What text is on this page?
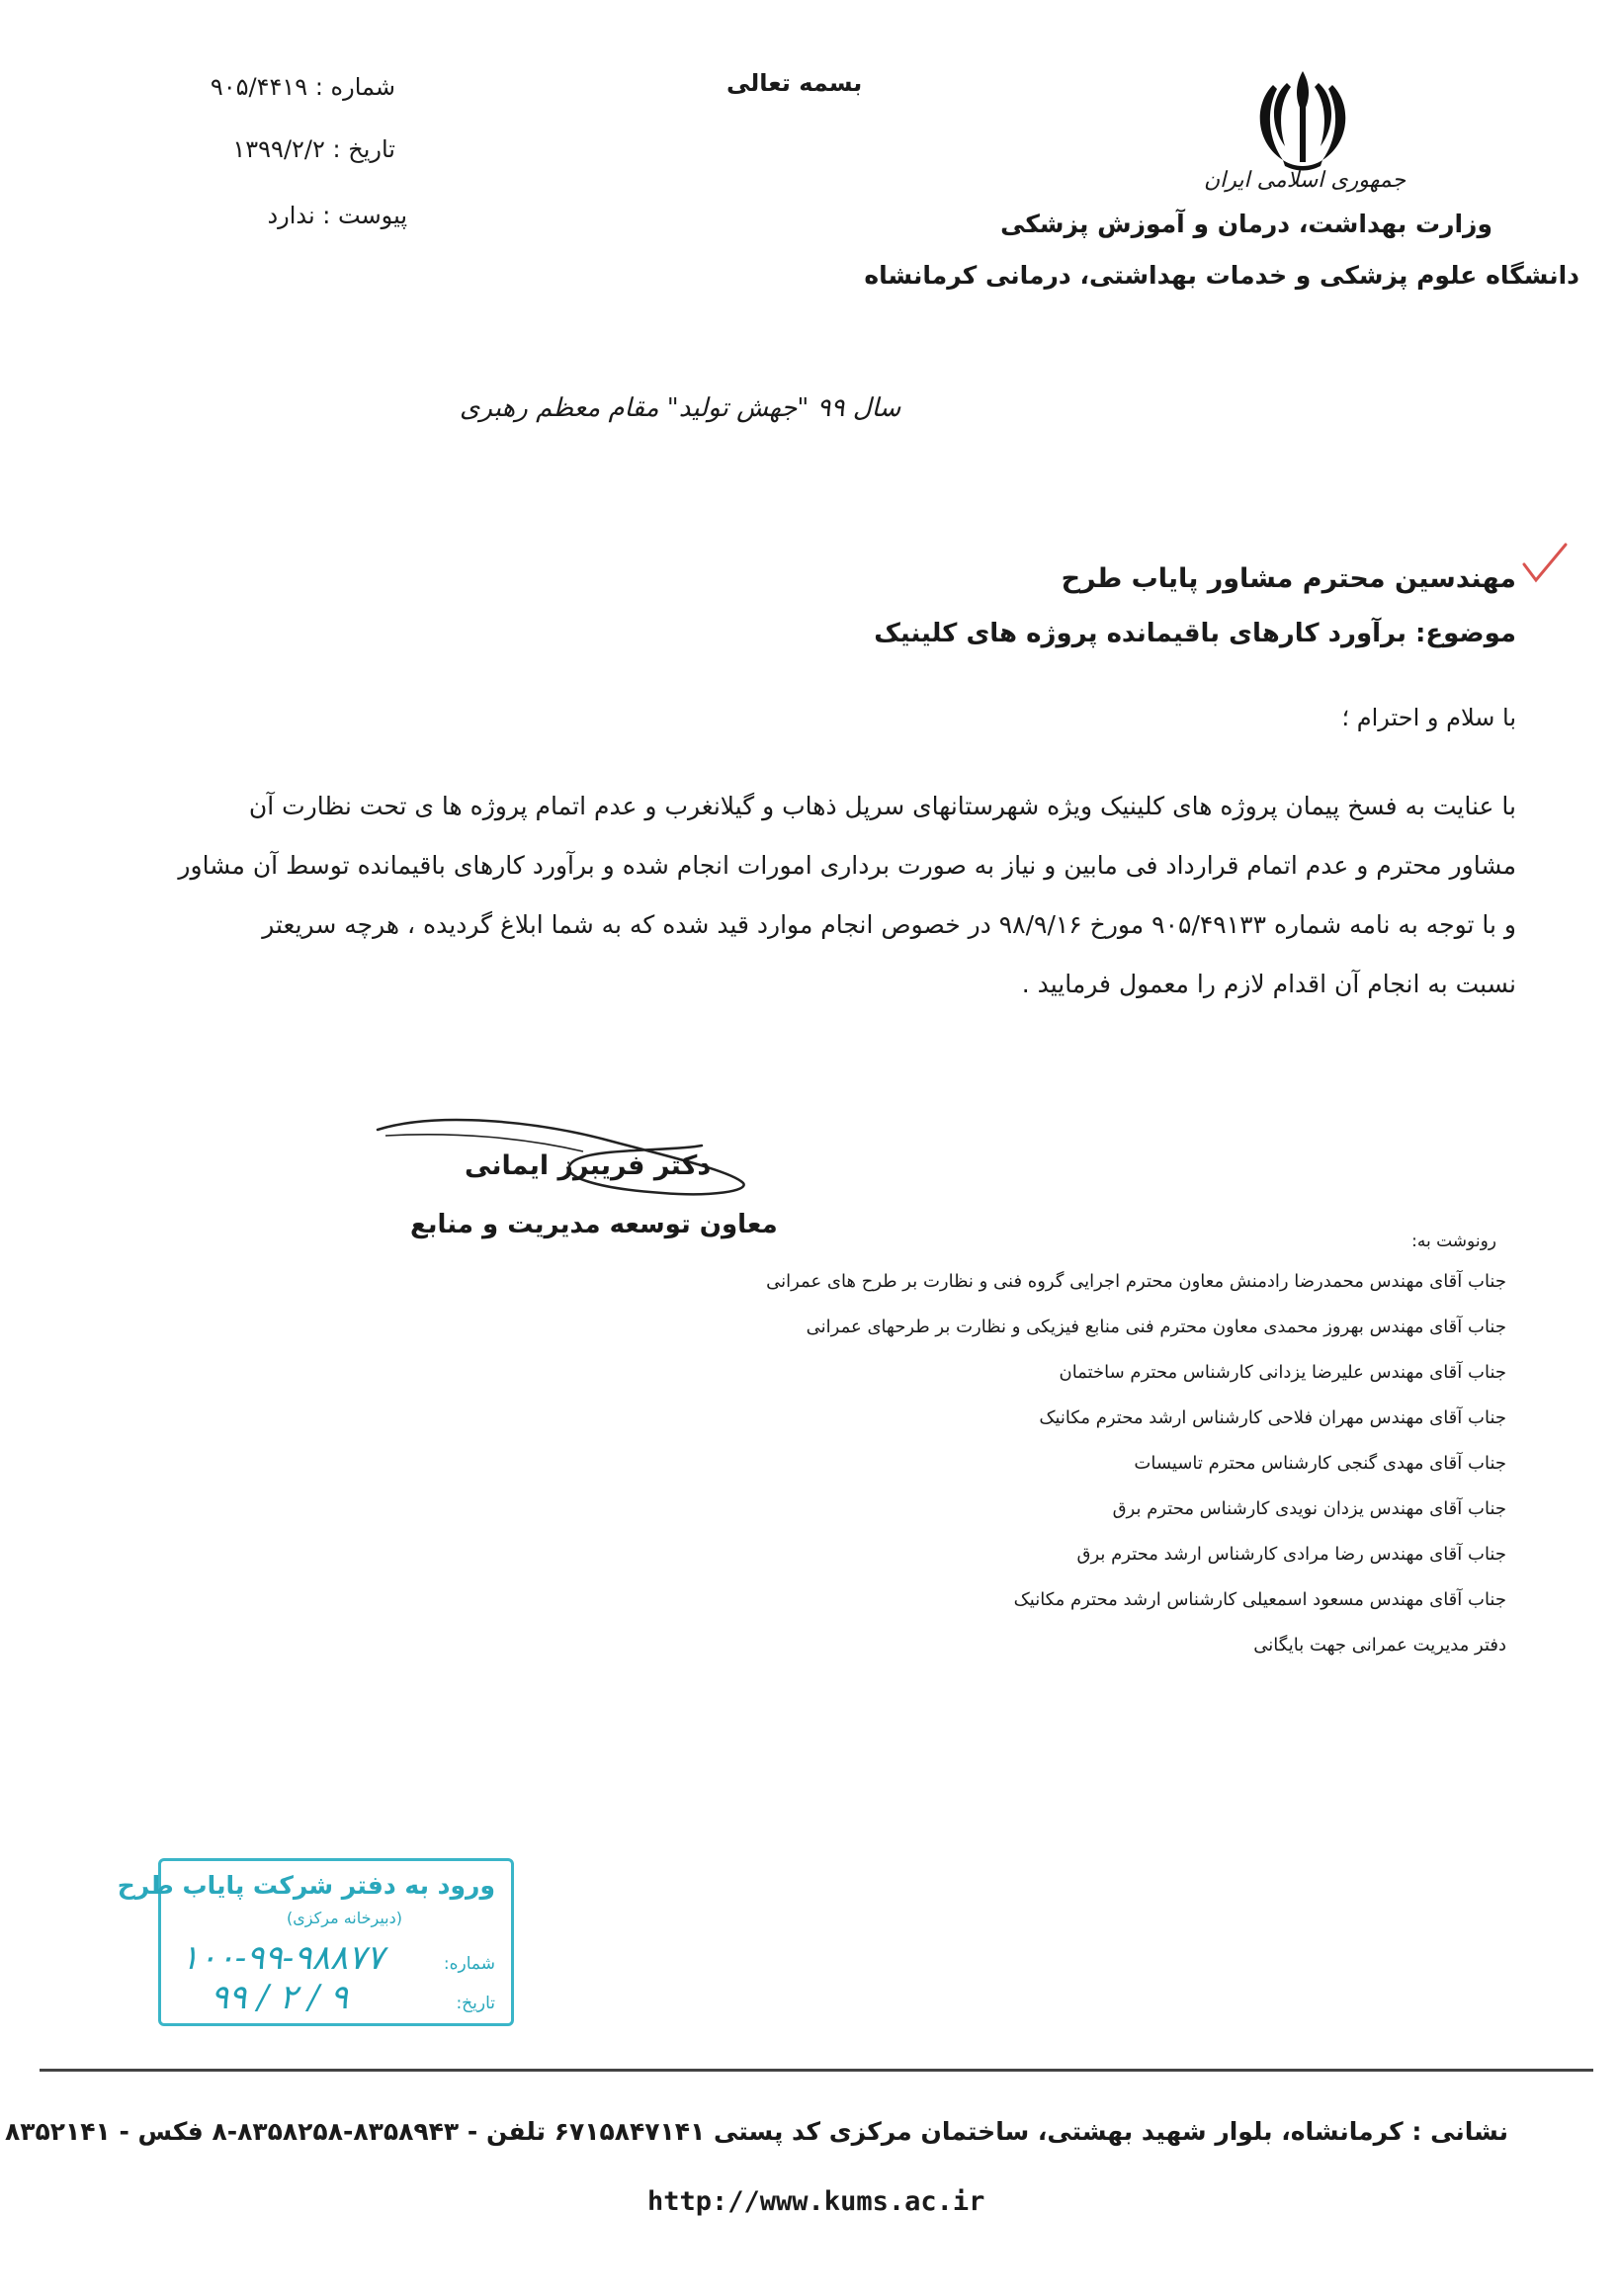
جمهوری اسلامی ایران
وزارت بهداشت، درمان و آموزش پزشکی
دانشگاه علوم پزشکی و خدمات بهداشتی، درمانی کرمانشاه
بسمه تعالی
شماره : ۹۰۵/۴۴۱۹
تاریخ : ۱۳۹۹/۲/۲
پیوست : ندارد
سال ۹۹ "جهش تولید" مقام معظم رهبری
مهندسین محترم مشاور پایاب طرح
موضوع: برآورد کارهای باقیمانده پروژه های کلینیک
با سلام و احترام ؛
با عنایت به فسخ پیمان پروژه های کلینیک ویژه شهرستانهای سرپل ذهاب و گیلانغرب و عدم اتمام پروژه ها ی تحت نظارت آن
مشاور محترم و عدم اتمام قرارداد فی مابین و نیاز به صورت برداری امورات انجام شده و برآورد کارهای باقیمانده توسط آن مشاور
و با توجه به نامه شماره ۹۰۵/۴۹۱۳۳ مورخ ۹۸/۹/۱۶ در خصوص انجام موارد قید شده که به شما ابلاغ گردیده ، هرچه سریعتر
نسبت به انجام آن اقدام لازم را معمول فرمایید .
دکتر فریبرز ایمانی
معاون توسعه مدیریت و منابع
رونوشت به:
جناب آقای مهندس محمدرضا رادمنش معاون محترم اجرایی گروه فنی و نظارت بر طرح های عمرانی
جناب آقای مهندس بهروز محمدی معاون محترم فنی منابع فیزیکی و نظارت بر طرحهای عمرانی
جناب آقای مهندس علیرضا یزدانی کارشناس محترم ساختمان
جناب آقای مهندس مهران فلاحی کارشناس ارشد محترم مکانیک
جناب آقای مهدی گنجی کارشناس محترم تاسیسات
جناب آقای مهندس یزدان نویدی کارشناس محترم برق
جناب آقای مهندس رضا مرادی کارشناس ارشد محترم برق
جناب آقای مهندس مسعود اسمعیلی کارشناس ارشد محترم مکانیک
دفتر مدیریت عمرانی جهت بایگانی
ورود به دفتر شرکت پایاب طرح
(دبیرخانه مرکزی)
شماره:
تاریخ:
۱۰۰-۹۹-۹۸۸۷۷
۹۹ / ۲ / ۹
نشانی : کرمانشاه، بلوار شهید بهشتی، ساختمان مرکزی کد پستی ۶۷۱۵۸۴۷۱۴۱ تلفن - ۸۳۵۸۹۴۳-۸۳۵۸۲۵۸-۸ فکس - ۸۳۵۲۱۴۱
http://www.kums.ac.ir
